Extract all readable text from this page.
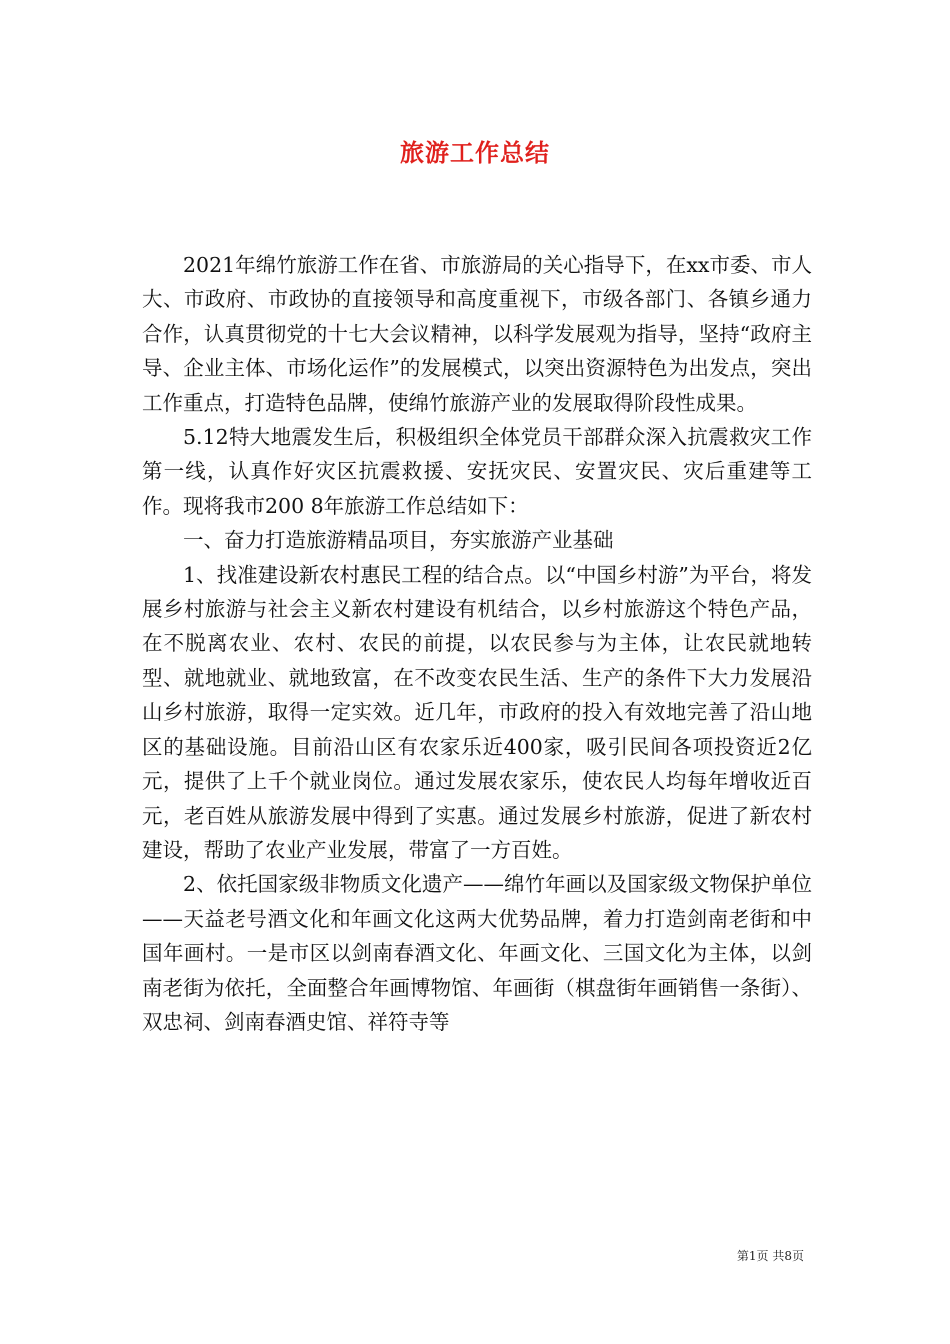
旅游工作总结

2021年绵竹旅游工作在省、市旅游局的关心指导下，在xx市委、市人大、市政府、市政协的直接领导和高度重视下，市级各部门、各镇乡通力合作，认真贯彻党的十七大会议精神，以科学发展观为指导，坚持“政府主导、企业主体、市场化运作”的发展模式，以突出资源特色为出发点，突出工作重点，打造特色品牌，使绵竹旅游产业的发展取得阶段性成果。

5.12特大地震发生后，积极组织全体党员干部群众深入抗震救灾工作第一线，认真作好灾区抗震救援、安抚灾民、安置灾民、灾后重建等工作。现将我市200 8年旅游工作总结如下：

一、奋力打造旅游精品项目，夯实旅游产业基础

1、找准建设新农村惠民工程的结合点。以“中国乡村游”为平台，将发展乡村旅游与社会主义新农村建设有机结合，以乡村旅游这个特色产品，在不脱离农业、农村、农民的前提，以农民参与为主体，让农民就地转型、就地就业、就地致富，在不改变农民生活、生产的条件下大力发展沿山乡村旅游，取得一定实效。近几年，市政府的投入有效地完善了沿山地区的基础设施。目前沿山区有农家乐近400家，吸引民间各项投资近2亿元，提供了上千个就业岗位。通过发展农家乐，使农民人均每年增收近百元，老百姓从旅游发展中得到了实惠。通过发展乡村旅游，促进了新农村建设，帮助了农业产业发展，带富了一方百姓。

2、依托国家级非物质文化遗产——绵竹年画以及国家级文物保护单位——天益老号酒文化和年画文化这两大优势品牌，着力打造剑南老街和中国年画村。一是市区以剑南春酒文化、年画文化、三国文化为主体，以剑南老街为依托，全面整合年画博物馆、年画街（棋盘街年画销售一条街）、双忠祠、剑南春酒史馆、祥符寺等

第1页 共8页
